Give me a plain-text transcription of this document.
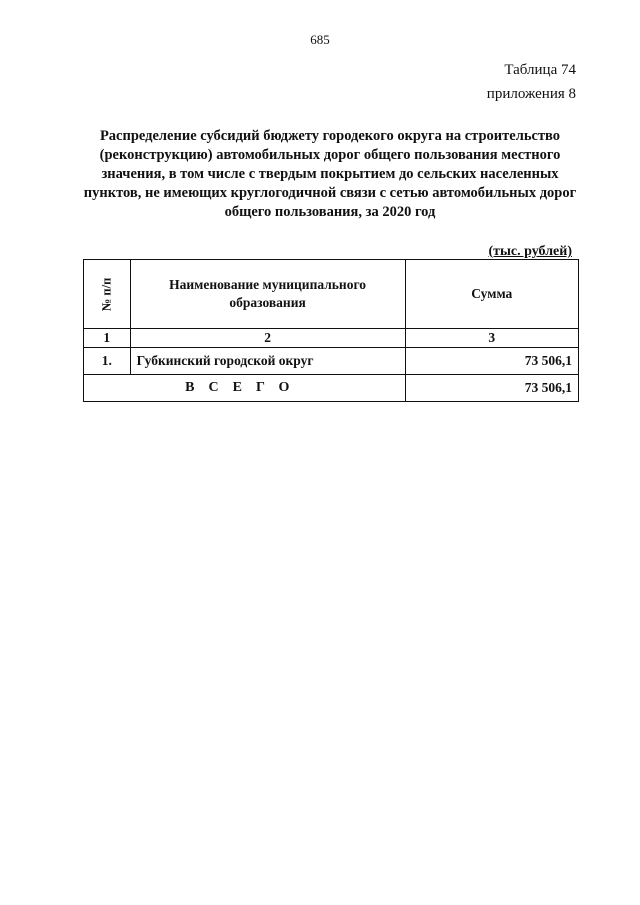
685
Таблица 74
приложения 8
Распределение субсидий бюджету городекого округа на строительство (реконструкцию) автомобильных дорог общего пользования местного значения, в том числе с твердым покрытием до сельских населенных пунктов, не имеющих круглогодичной связи с сетью автомобильных дорог общего пользования, за 2020 год
(тыс. рублей)
№ п/п	Наименование муниципального образования	Сумма
1	2	3
1.	Губкинский городской округ	73 506,1
ВСЕГО		73 506,1
